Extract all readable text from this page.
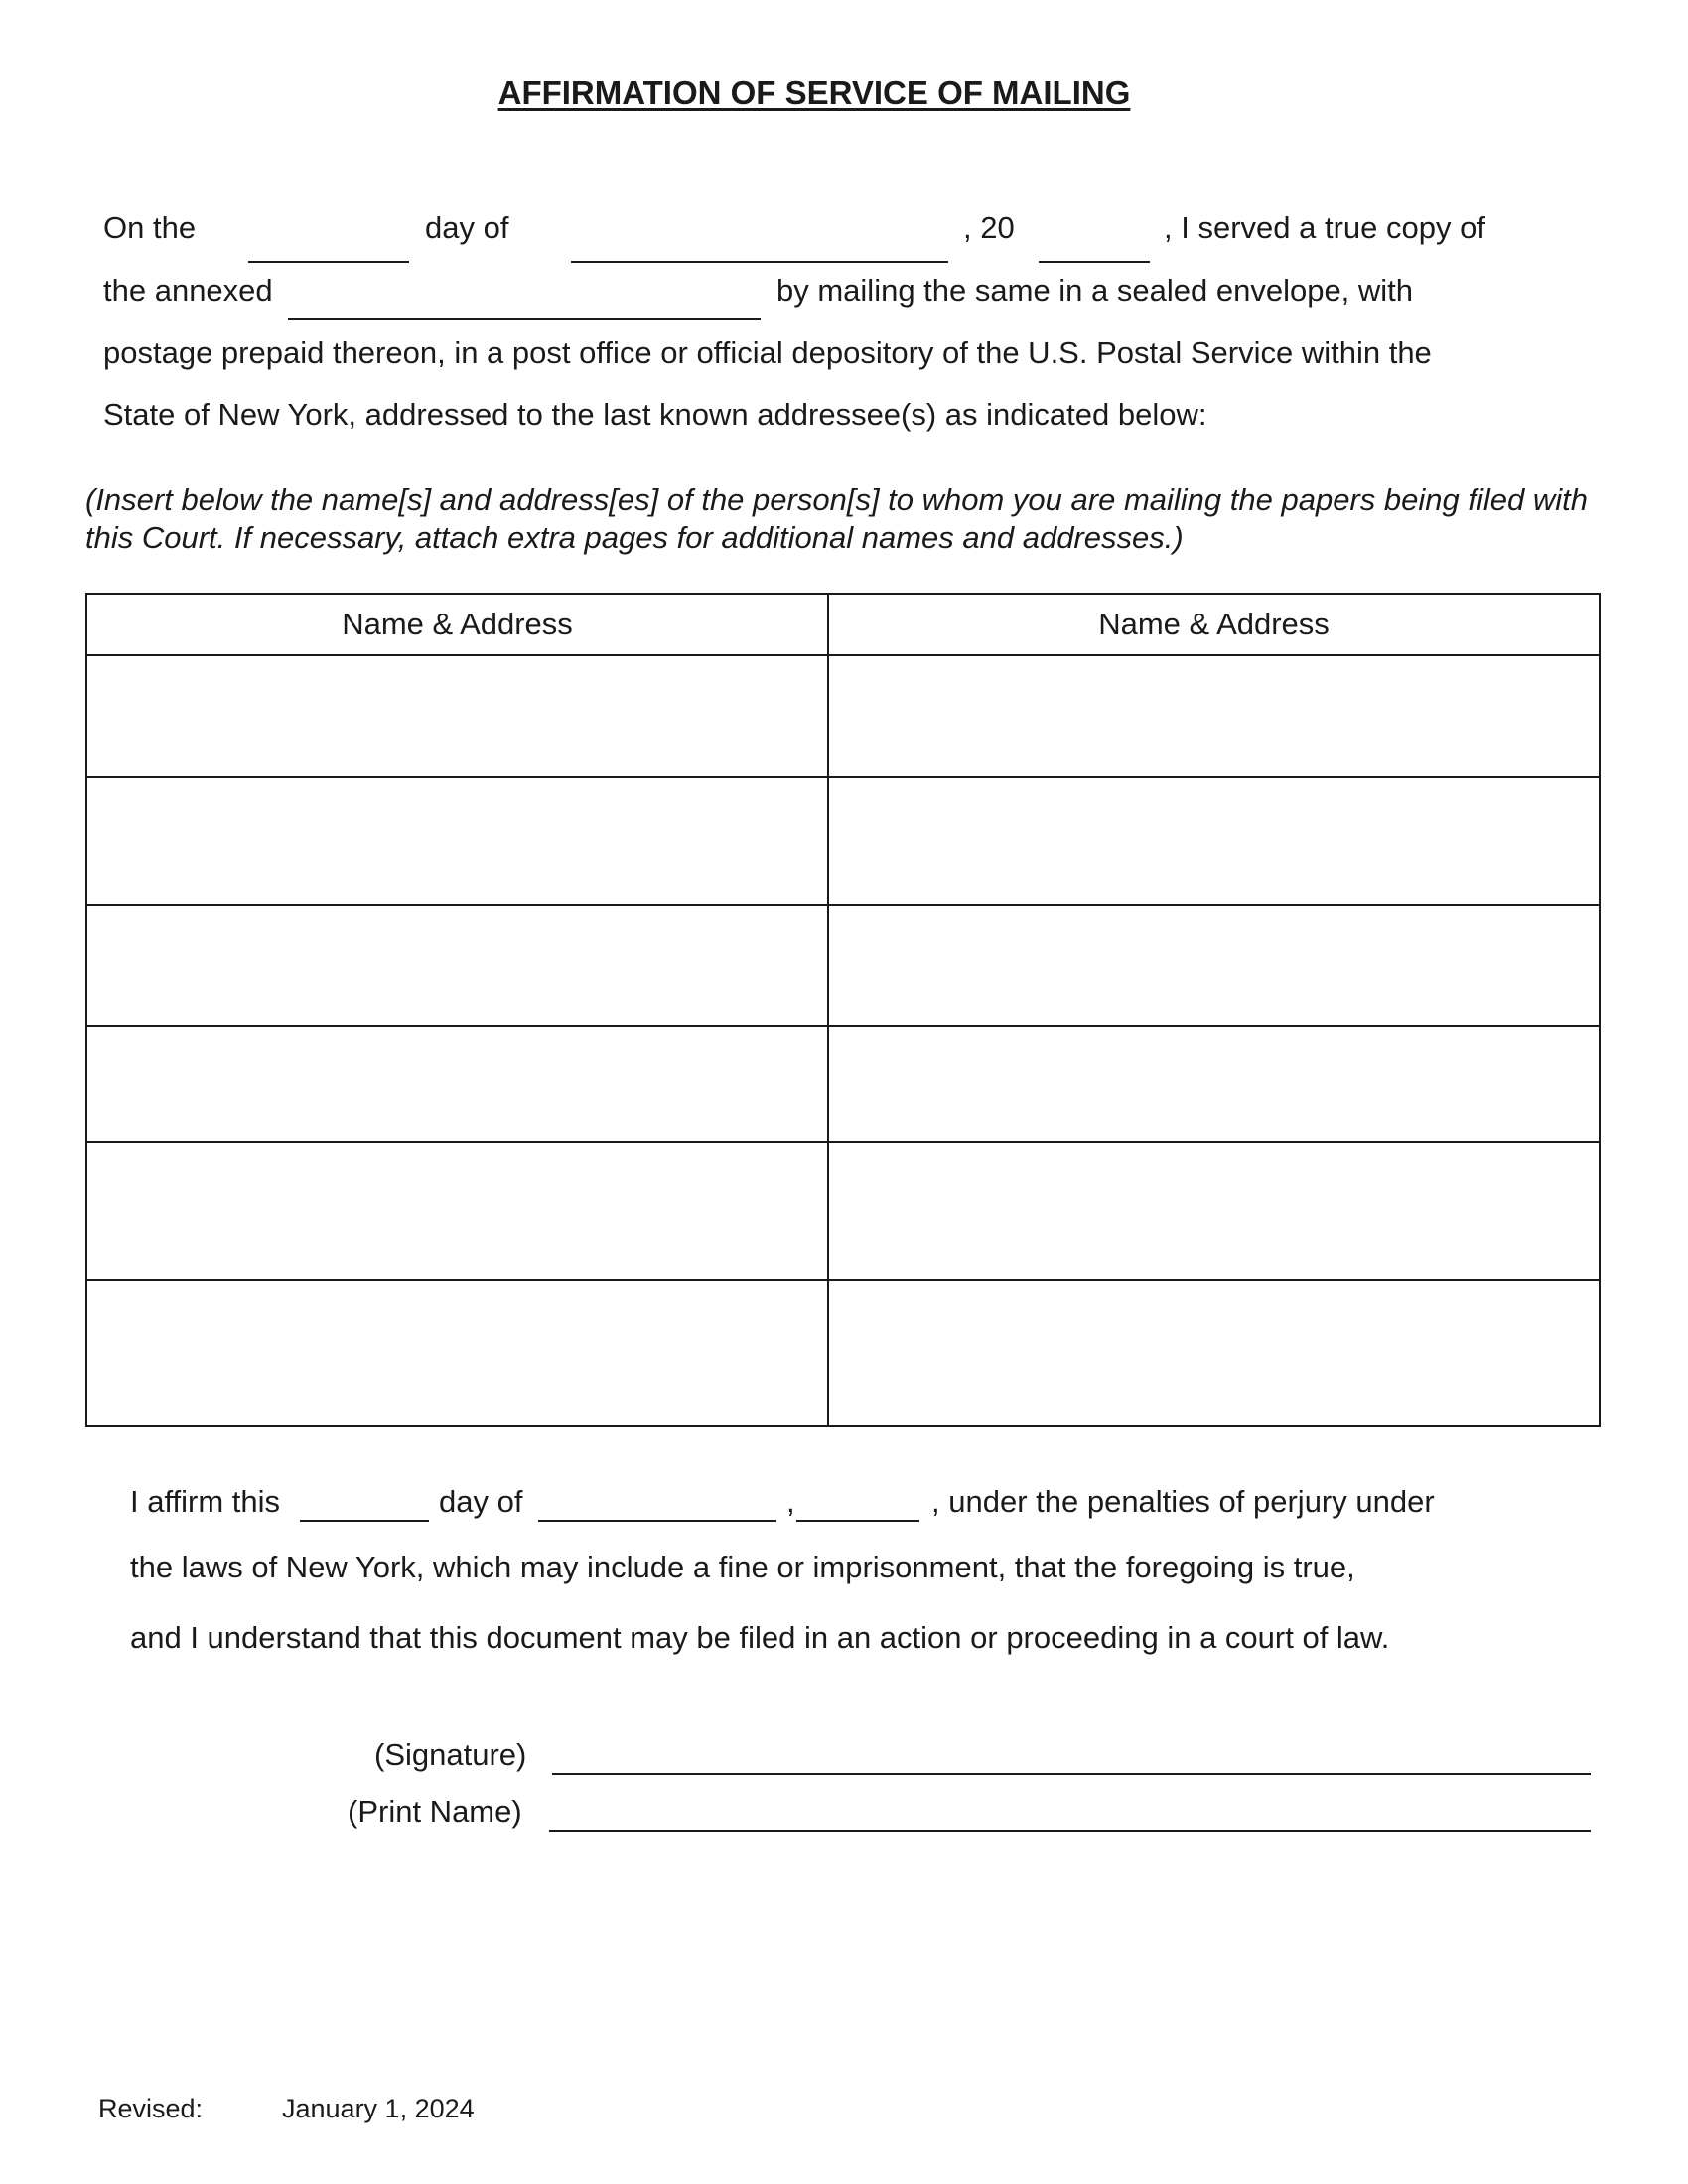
AFFIRMATION OF SERVICE OF MAILING
On the	day of	, 20	, I served a true copy of
the annexed	by mailing the same in a sealed envelope, with
postage prepaid thereon, in a post office or official depository of the U.S. Postal Service within the
State of New York, addressed to the last known addressee(s) as indicated below:
(Insert below the name[s] and address[es] of the person[s] to whom you are mailing the papers being filed with this Court. If necessary, attach extra pages for additional names and addresses.)
Name & Address	Name & Address

I affirm this	day of	,	, under the penalties of perjury under
the laws of New York, which may include a fine or imprisonment, that the foregoing is true,
and I understand that this document may be filed in an action or proceeding in a court of law.
(Signature)
(Print Name)
Revised:	January 1, 2024
